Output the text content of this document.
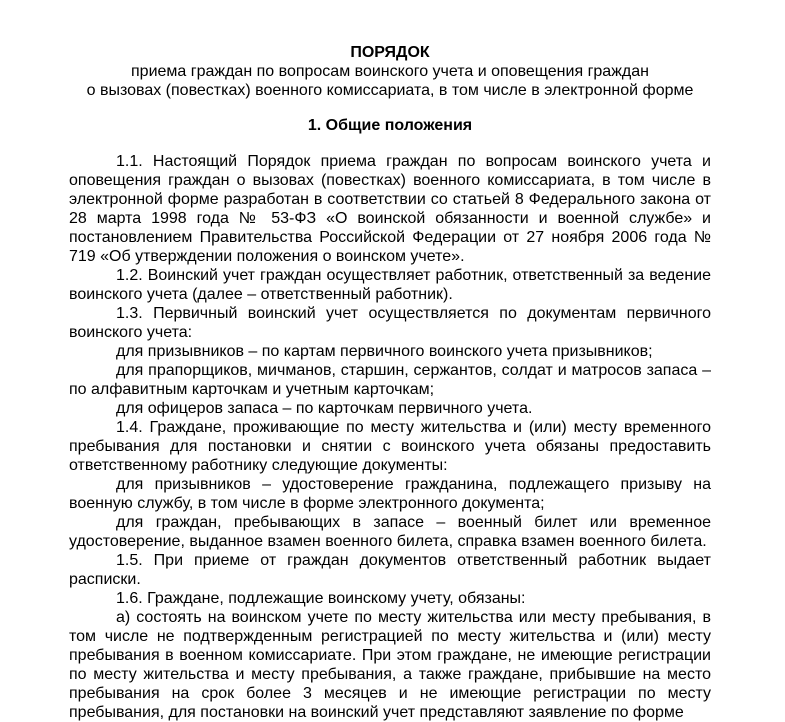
ПОРЯДОК

приема граждан по вопросам воинского учета и оповещения граждан

о вызовах (повестках) военного комиссариата, в том числе в электронной форме

1. Общие положения

1.1. Настоящий Порядок приема граждан по вопросам воинского учета и оповещения граждан о вызовах (повестках) военного комиссариата, в том числе в электронной форме разработан в соответствии со статьей 8 Федерального закона от 28 марта 1998 года № 53-ФЗ «О воинской обязанности и военной службе» и постановлением Правительства Российской Федерации от 27 ноября 2006 года № 719 «Об утверждении положения о воинском учете».

1.2. Воинский учет граждан осуществляет работник, ответственный за ведение воинского учета (далее – ответственный работник).

1.3. Первичный воинский учет осуществляется по документам первичного воинского учета:

для призывников – по картам первичного воинского учета призывников;

для прапорщиков, мичманов, старшин, сержантов, солдат и матросов запаса – по алфавитным карточкам и учетным карточкам;

для офицеров запаса – по карточкам первичного учета.

1.4. Граждане, проживающие по месту жительства и (или) месту временного пребывания для постановки и снятии с воинского учета обязаны предоставить ответственному работнику следующие документы:

для призывников – удостоверение гражданина, подлежащего призыву на военную службу, в том числе в форме электронного документа;

для граждан, пребывающих в запасе – военный билет или временное удостоверение, выданное взамен военного билета, справка взамен военного билета.

1.5. При приеме от граждан документов ответственный работник выдает расписки.

1.6. Граждане, подлежащие воинскому учету, обязаны:

а) состоять на воинском учете по месту жительства или месту пребывания, в том числе не подтвержденным регистрацией по месту жительства и (или) месту пребывания в военном комиссариате. При этом граждане, не имеющие регистрации по месту жительства и месту пребывания, а также граждане, прибывшие на место пребывания на срок более 3 месяцев и не имеющие регистрации по месту пребывания, для постановки на воинский учет представляют заявление по форме
